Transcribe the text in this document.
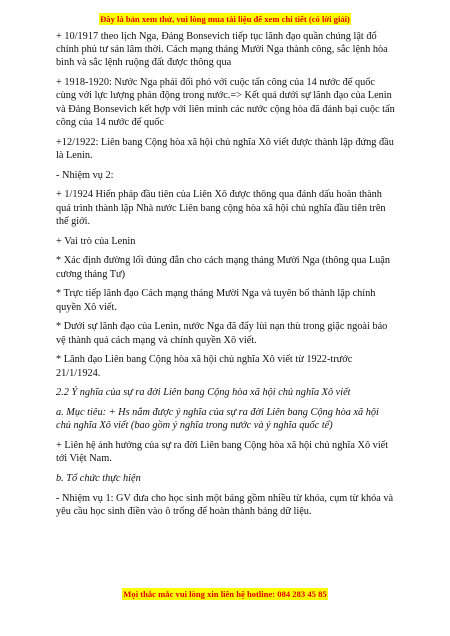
Đây là bản xem thử, vui lòng mua tài liệu để xem chi tiết (có lời giải)

+ 10/1917 theo lịch Nga, Đảng Bonsevich tiếp tục lãnh đạo quần chúng lật đổ chính phủ tư sản lâm thời. Cách mạng tháng Mười Nga thành công, sắc lệnh hòa bình và sắc lệnh ruộng đất được thông qua

+ 1918-1920: Nước Nga phải đối phó với cuộc tấn công của 14 nước đế quốc cùng với lực lượng phản động trong nước.=> Kết quả dưới sự lãnh đạo của Lenin và Đảng Bonsevich kết hợp với liên minh các nước cộng hòa đã đánh bại cuộc tấn công của 14 nước đế quốc

+12/1922: Liên bang Cộng hòa xã hội chủ nghĩa Xô viết được thành lập đứng đầu là Lenin.

- Nhiệm vụ 2:

+ 1/1924 Hiến pháp đầu tiên của Liên Xô được thông qua đánh dấu hoàn thành quá trình thành lập Nhà nước Liên bang cộng hòa xã hội chủ nghĩa đầu tiên trên thế giới.

+ Vai trò của Lenin

* Xác định đường lối đúng đắn cho cách mạng tháng Mười Nga (thông qua Luận cương tháng Tư)

* Trực tiếp lãnh đạo Cách mạng tháng Mười Nga và tuyên bố thành lập chính quyền Xô viết.

* Dưới sự lãnh đạo của Lenin, nước Nga đã đẩy lùi nạn thù trong giặc ngoài bảo vệ thành quả cách mạng và chính quyền Xô viết.

* Lãnh đạo Liên bang Cộng hòa xã hội chủ nghĩa Xô viết từ 1922-trước 21/1/1924.

2.2 Ý nghĩa của sự ra đời Liên bang Cộng hòa xã hội chủ nghĩa Xô viết

a. Mục tiêu: + Hs nắm được ý nghĩa của sự ra đời Liên bang Cộng hòa xã hội chủ nghĩa Xô viết (bao gồm ý nghĩa trong nước và ý nghĩa quốc tế)

+ Liên hệ ảnh hưởng của sự ra đời Liên bang Cộng hòa xã hội chủ nghĩa Xô viết tới Việt Nam.

b. Tổ chức thực hiện

- Nhiệm vụ 1: GV đưa cho học sinh một bảng gồm nhiều từ khóa, cụm từ khóa và yêu cầu học sinh điền vào ô trống để hoàn thành bảng dữ liệu.

Mọi thắc mắc vui lòng xin liên hệ hotline: 084 283 45 85
